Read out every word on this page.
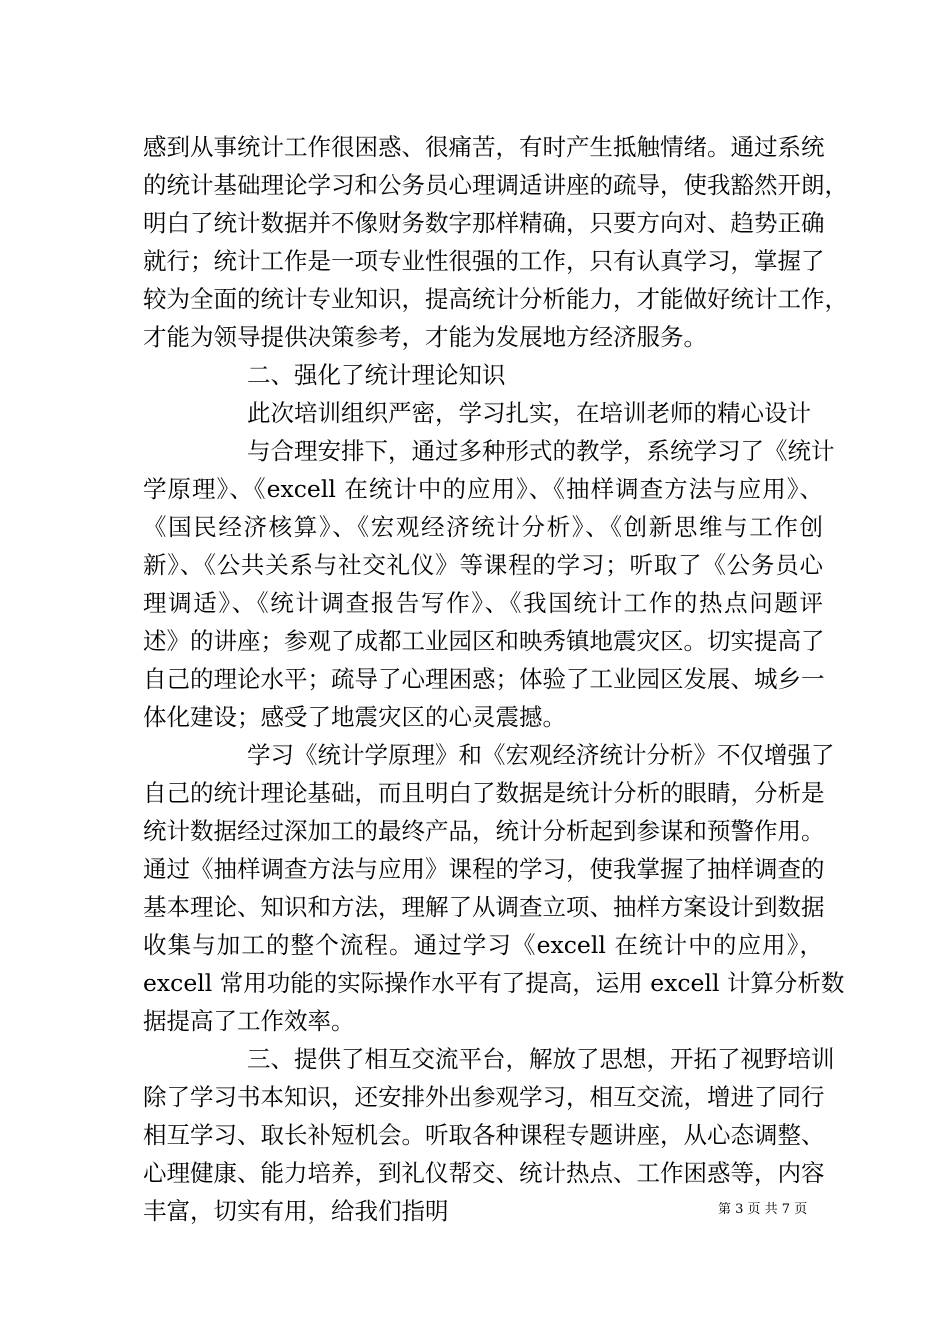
感到从事统计工作很困惑、很痛苦，有时产生抵触情绪。通过系统
的统计基础理论学习和公务员心理调适讲座的疏导，使我豁然开朗，
明白了统计数据并不像财务数字那样精确，只要方向对、趋势正确
就行；统计工作是一项专业性很强的工作，只有认真学习，掌握了
较为全面的统计专业知识，提高统计分析能力，才能做好统计工作，
才能为领导提供决策参考，才能为发展地方经济服务。
二、强化了统计理论知识
此次培训组织严密，学习扎实，在培训老师的精心设计
与合理安排下，通过多种形式的教学，系统学习了《统计
学原理》、《excell 在统计中的应用》、《抽样调查方法与应用》、
《国民经济核算》、《宏观经济统计分析》、《创新思维与工作创
新》、《公共关系与社交礼仪》等课程的学习；听取了《公务员心
理调适》、《统计调查报告写作》、《我国统计工作的热点问题评
述》的讲座；参观了成都工业园区和映秀镇地震灾区。切实提高了
自己的理论水平；疏导了心理困惑；体验了工业园区发展、城乡一
体化建设；感受了地震灾区的心灵震撼。
学习《统计学原理》和《宏观经济统计分析》不仅增强了
自己的统计理论基础，而且明白了数据是统计分析的眼睛，分析是
统计数据经过深加工的最终产品，统计分析起到参谋和预警作用。
通过《抽样调查方法与应用》课程的学习，使我掌握了抽样调查的
基本理论、知识和方法，理解了从调查立项、抽样方案设计到数据
收集与加工的整个流程。通过学习《excell 在统计中的应用》，
excell 常用功能的实际操作水平有了提高，运用 excell 计算分析数
据提高了工作效率。
三、提供了相互交流平台，解放了思想，开拓了视野培训
除了学习书本知识，还安排外出参观学习，相互交流，增进了同行
相互学习、取长补短机会。听取各种课程专题讲座，从心态调整、
心理健康、能力培养，到礼仪帮交、统计热点、工作困惑等，内容
丰富，切实有用，给我们指明	第 3 页 共 7 页
